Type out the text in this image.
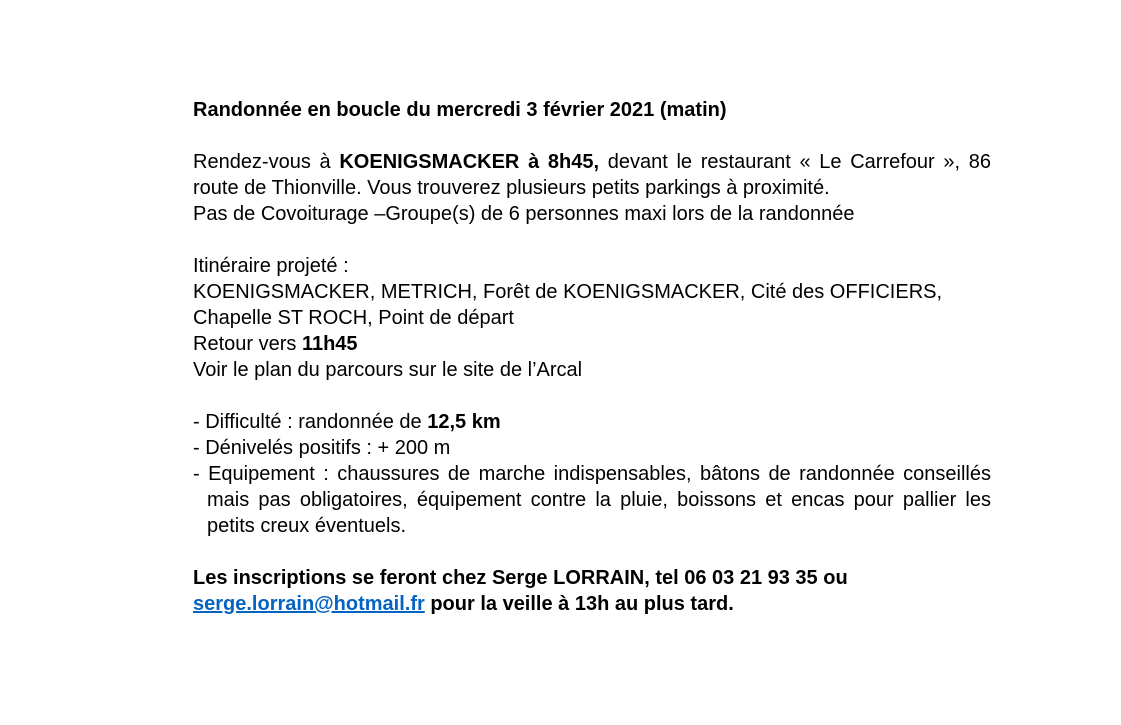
Randonnée en boucle du mercredi 3 février 2021 (matin)

Rendez-vous à KOENIGSMACKER à 8h45, devant le restaurant « Le Carrefour », 86 route de Thionville. Vous trouverez plusieurs petits parkings à proximité.

Pas de Covoiturage –Groupe(s) de 6 personnes maxi lors de la randonnée

Itinéraire projeté :

KOENIGSMACKER, METRICH, Forêt de KOENIGSMACKER, Cité des OFFICIERS, Chapelle ST ROCH, Point de départ

Retour vers 11h45

Voir le plan du parcours sur le site de l’Arcal

- Difficulté : randonnée de 12,5 km

- Dénivelés positifs : + 200 m

- Equipement : chaussures de marche indispensables, bâtons de randonnée conseillés mais pas obligatoires, équipement contre la pluie, boissons et encas pour pallier les petits creux éventuels.

Les inscriptions se feront chez Serge LORRAIN, tel 06 03 21 93 35 ou serge.lorrain@hotmail.fr pour la veille à 13h au plus tard.
